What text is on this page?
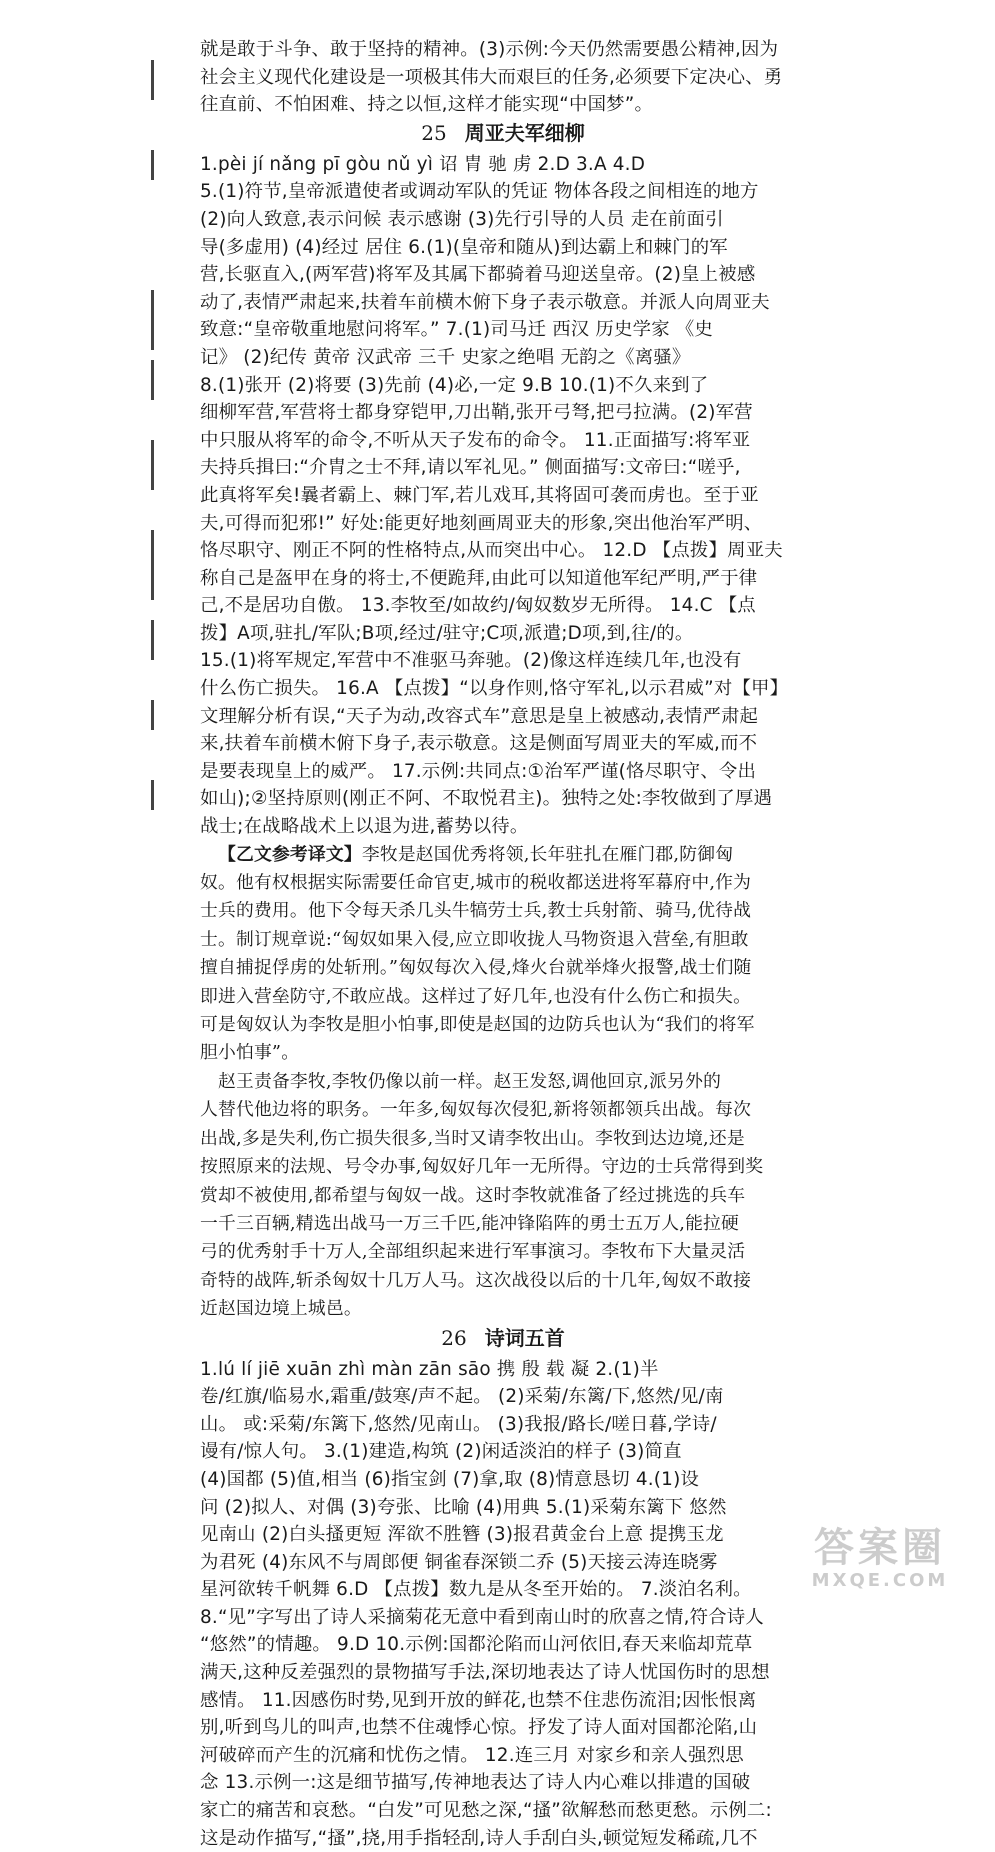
就是敢于斗争、敢于坚持的精神。(3)示例:今天仍然需要愚公精神,因为
社会主义现代化建设是一项极其伟大而艰巨的任务,必须要下定决心、勇
往直前、不怕困难、持之以恒,这样才能实现“中国梦”。
25 周亚夫军细柳
1.pèi jí nǎng pī gòu nǔ yì 诏 胄 驰 虏 2.D 3.A 4.D
5.(1)符节,皇帝派遣使者或调动军队的凭证 物体各段之间相连的地方
(2)向人致意,表示问候 表示感谢 (3)先行引导的人员 走在前面引
导(多虚用) (4)经过 居住 6.(1)(皇帝和随从)到达霸上和棘门的军
营,长驱直入,(两军营)将军及其属下都骑着马迎送皇帝。(2)皇上被感
动了,表情严肃起来,扶着车前横木俯下身子表示敬意。并派人向周亚夫
致意:“皇帝敬重地慰问将军。” 7.(1)司马迁 西汉 历史学家 《史
记》 (2)纪传 黄帝 汉武帝 三千 史家之绝唱 无韵之《离骚》
8.(1)张开 (2)将要 (3)先前 (4)必,一定 9.B 10.(1)不久来到了
细柳军营,军营将士都身穿铠甲,刀出鞘,张开弓弩,把弓拉满。(2)军营
中只服从将军的命令,不听从天子发布的命令。 11.正面描写:将军亚
夫持兵揖曰:“介胄之士不拜,请以军礼见。” 侧面描写:文帝曰:“嗟乎,
此真将军矣!曩者霸上、棘门军,若儿戏耳,其将固可袭而虏也。至于亚
夫,可得而犯邪!” 好处:能更好地刻画周亚夫的形象,突出他治军严明、
恪尽职守、刚正不阿的性格特点,从而突出中心。 12.D 【点拨】周亚夫
称自己是盔甲在身的将士,不便跪拜,由此可以知道他军纪严明,严于律
己,不是居功自傲。 13.李牧至/如故约/匈奴数岁无所得。 14.C 【点
拨】A项,驻扎/军队;B项,经过/驻守;C项,派遣;D项,到,往/的。
15.(1)将军规定,军营中不准驱马奔驰。(2)像这样连续几年,也没有
什么伤亡损失。 16.A 【点拨】“以身作则,恪守军礼,以示君威”对【甲】
文理解分析有误,“天子为动,改容式车”意思是皇上被感动,表情严肃起
来,扶着车前横木俯下身子,表示敬意。这是侧面写周亚夫的军威,而不
是要表现皇上的威严。 17.示例:共同点:①治军严谨(恪尽职守、令出
如山);②坚持原则(刚正不阿、不取悦君主)。独特之处:李牧做到了厚遇
战士;在战略战术上以退为进,蓄势以待。
【乙文参考译文】李牧是赵国优秀将领,长年驻扎在雁门郡,防御匈
奴。他有权根据实际需要任命官吏,城市的税收都送进将军幕府中,作为
士兵的费用。他下令每天杀几头牛犒劳士兵,教士兵射箭、骑马,优待战
士。制订规章说:“匈奴如果入侵,应立即收拢人马物资退入营垒,有胆敢
擅自捕捉俘虏的处斩刑。”匈奴每次入侵,烽火台就举烽火报警,战士们随
即进入营垒防守,不敢应战。这样过了好几年,也没有什么伤亡和损失。
可是匈奴认为李牧是胆小怕事,即使是赵国的边防兵也认为“我们的将军
胆小怕事”。
赵王责备李牧,李牧仍像以前一样。赵王发怒,调他回京,派另外的
人替代他边将的职务。一年多,匈奴每次侵犯,新将领都领兵出战。每次
出战,多是失利,伤亡损失很多,当时又请李牧出山。李牧到达边境,还是
按照原来的法规、号令办事,匈奴好几年一无所得。守边的士兵常得到奖
赏却不被使用,都希望与匈奴一战。这时李牧就准备了经过挑选的兵车
一千三百辆,精选出战马一万三千匹,能冲锋陷阵的勇士五万人,能拉硬
弓的优秀射手十万人,全部组织起来进行军事演习。李牧布下大量灵活
奇特的战阵,斩杀匈奴十几万人马。这次战役以后的十几年,匈奴不敢接
近赵国边境上城邑。
26 诗词五首
1.lú lí jiē xuān zhì màn zān sāo 携 殷 载 凝 2.(1)半
卷/红旗/临易水,霜重/鼓寒/声不起。 (2)采菊/东篱/下,悠然/见/南
山。 或:采菊/东篱下,悠然/见南山。 (3)我报/路长/嗟日暮,学诗/
谩有/惊人句。 3.(1)建造,构筑 (2)闲适淡泊的样子 (3)简直
(4)国都 (5)值,相当 (6)指宝剑 (7)拿,取 (8)情意恳切 4.(1)设
问 (2)拟人、对偶 (3)夸张、比喻 (4)用典 5.(1)采菊东篱下 悠然
见南山 (2)白头搔更短 浑欲不胜簪 (3)报君黄金台上意 提携玉龙
为君死 (4)东风不与周郎便 铜雀春深锁二乔 (5)天接云涛连晓雾
星河欲转千帆舞 6.D 【点拨】数九是从冬至开始的。 7.淡泊名利。
8.“见”字写出了诗人采摘菊花无意中看到南山时的欣喜之情,符合诗人
“悠然”的情趣。 9.D 10.示例:国都沦陷而山河依旧,春天来临却荒草
满天,这种反差强烈的景物描写手法,深切地表达了诗人忧国伤时的思想
感情。 11.因感伤时势,见到开放的鲜花,也禁不住悲伤流泪;因怅恨离
别,听到鸟儿的叫声,也禁不住魂悸心惊。抒发了诗人面对国都沦陷,山
河破碎而产生的沉痛和忧伤之情。 12.连三月 对家乡和亲人强烈思
念 13.示例一:这是细节描写,传神地表达了诗人内心难以排遣的国破
家亡的痛苦和哀愁。“白发”可见愁之深,“搔”欲解愁而愁更愁。示例二:
这是动作描写,“搔”,挠,用手指轻刮,诗人手刮白头,顿觉短发稀疏,几不
答案圈
MXQE.COM
